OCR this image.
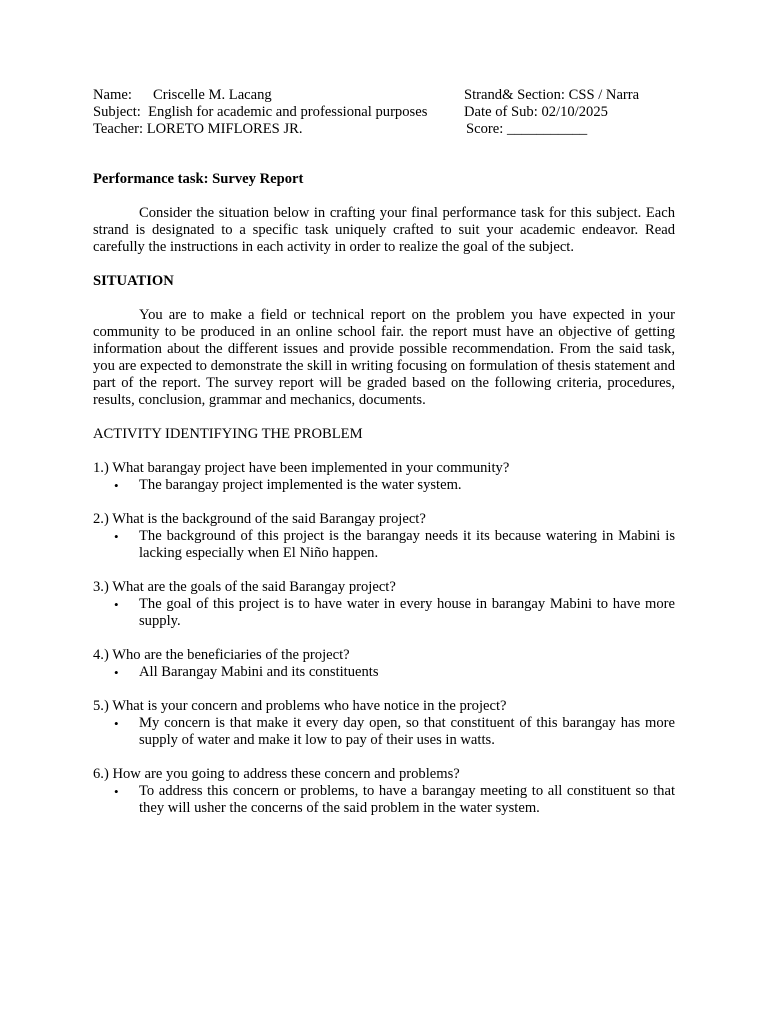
Name: Criscelle M. Lacang	Strand& Section: CSS / Narra
Subject: English for academic and professional purposes	Date of Sub: 02/10/2025
Teacher: LORETO MIFLORES JR.	Score: ___________
Performance task: Survey Report

Consider the situation below in crafting your final performance task for this subject. Each strand is designated to a specific task uniquely crafted to suit your academic endeavor. Read carefully the instructions in each activity in order to realize the goal of the subject.

SITUATION

You are to make a field or technical report on the problem you have expected in your community to be produced in an online school fair. the report must have an objective of getting information about the different issues and provide possible recommendation. From the said task, you are expected to demonstrate the skill in writing focusing on formulation of thesis statement and part of the report. The survey report will be graded based on the following criteria, procedures, results, conclusion, grammar and mechanics, documents.

ACTIVITY IDENTIFYING THE PROBLEM
1.) What barangay project have been implemented in your community?
• The barangay project implemented is the water system.
2.) What is the background of the said Barangay project?
• The background of this project is the barangay needs it its because watering in Mabini is lacking especially when El Niño happen.
3.) What are the goals of the said Barangay project?
• The goal of this project is to have water in every house in barangay Mabini to have more supply.
4.) Who are the beneficiaries of the project?
• All Barangay Mabini and its constituents
5.) What is your concern and problems who have notice in the project?
• My concern is that make it every day open, so that constituent of this barangay has more supply of water and make it low to pay of their uses in watts.
6.) How are you going to address these concern and problems?
• To address this concern or problems, to have a barangay meeting to all constituent so that they will usher the concerns of the said problem in the water system.
